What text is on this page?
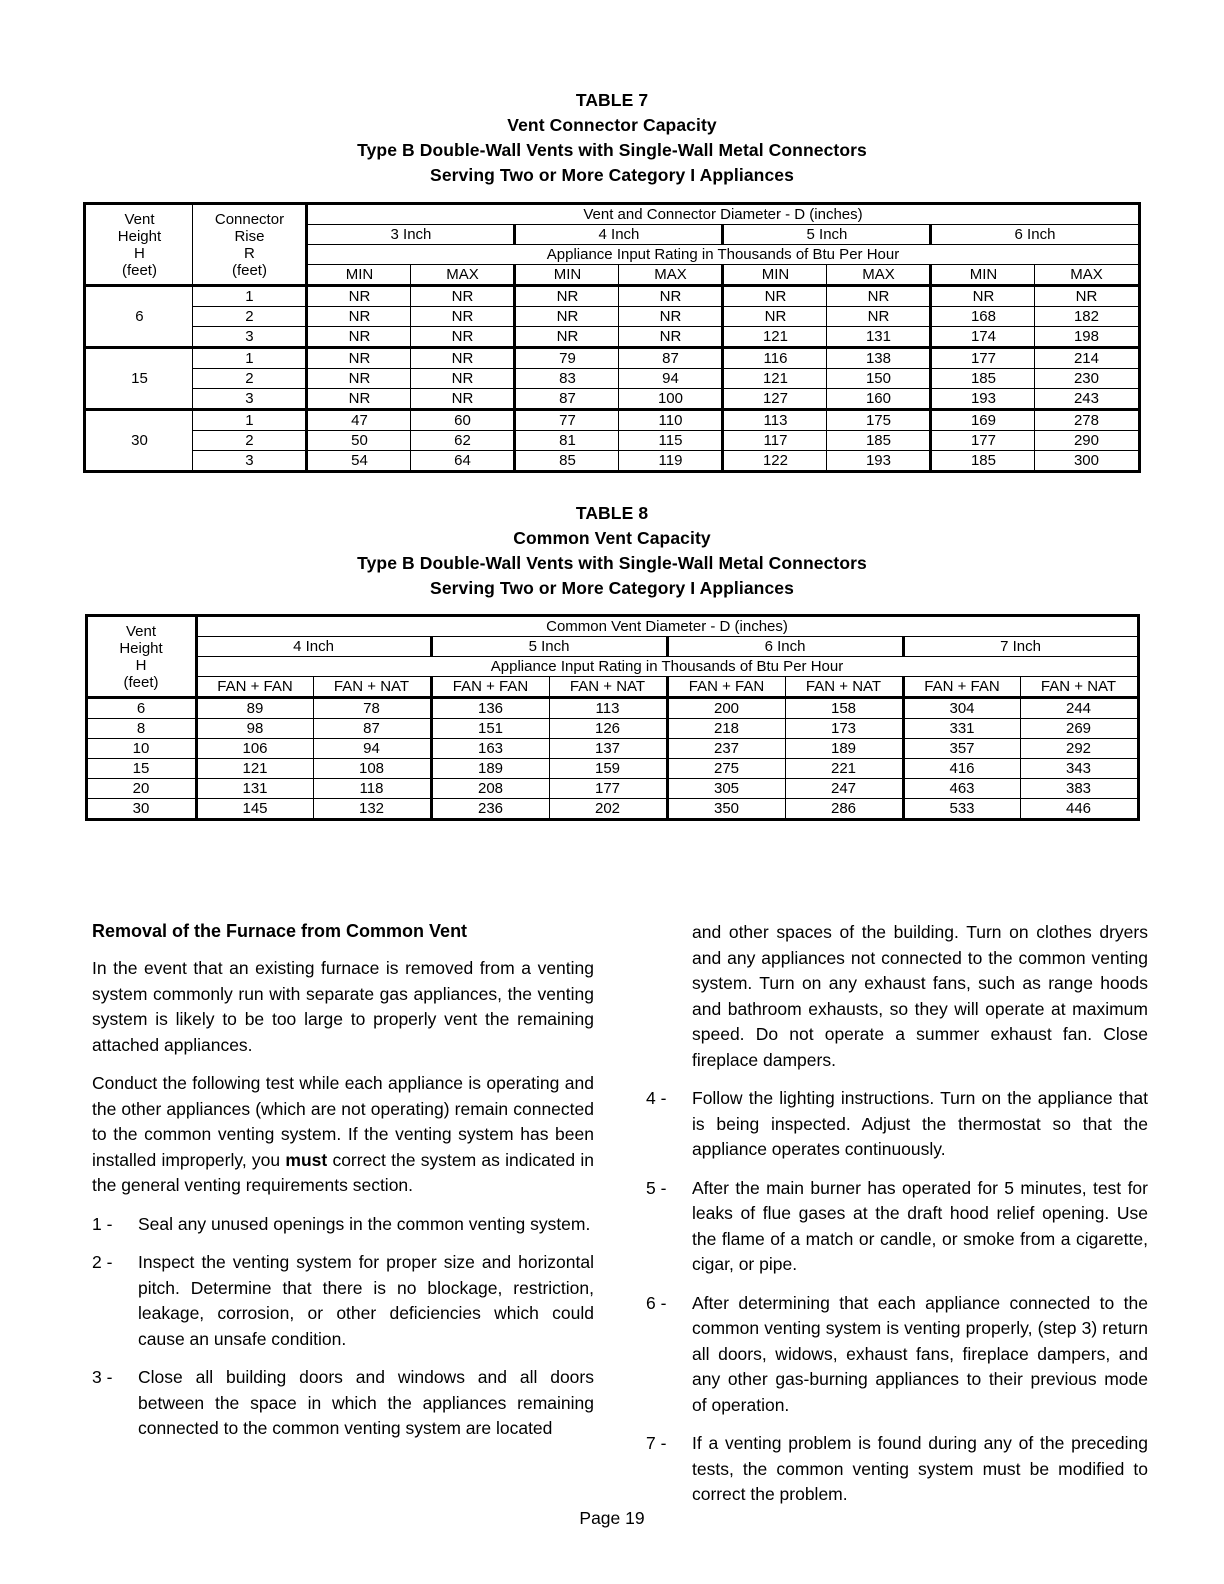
TABLE 7
Vent Connector Capacity
Type B Double-Wall Vents with Single-Wall Metal Connectors
Serving Two or More Category I Appliances
Vent
Height
H
(feet)	Connector
Rise
R
(feet)	Vent and Connector Diameter - D (inches)							
		3 Inch		4 Inch		5 Inch		6 Inch	
		Appliance Input Rating in Thousands of Btu Per Hour							
		MIN	MAX	MIN	MAX	MIN	MAX	MIN	MAX
6	1	NR	NR	NR	NR	NR	NR	NR	NR
	2	NR	NR	NR	NR	NR	NR	168	182
	3	NR	NR	NR	NR	121	131	174	198
15	1	NR	NR	79	87	116	138	177	214
	2	NR	NR	83	94	121	150	185	230
	3	NR	NR	87	100	127	160	193	243
30	1	47	60	77	110	113	175	169	278
	2	50	62	81	115	117	185	177	290
	3	54	64	85	119	122	193	185	300
TABLE 8
Common Vent Capacity
Type B Double-Wall Vents with Single-Wall Metal Connectors
Serving Two or More Category I Appliances
Vent
Height
H
(feet)	Common Vent Diameter - D (inches)							
	4 Inch		5 Inch		6 Inch		7 Inch	
	Appliance Input Rating in Thousands of Btu Per Hour							
	FAN + FAN	FAN + NAT	FAN + FAN	FAN + NAT	FAN + FAN	FAN + NAT	FAN + FAN	FAN + NAT
6	89	78	136	113	200	158	304	244
8	98	87	151	126	218	173	331	269
10	106	94	163	137	237	189	357	292
15	121	108	189	159	275	221	416	343
20	131	118	208	177	305	247	463	383
30	145	132	236	202	350	286	533	446
Removal of the Furnace from Common Vent

In the event that an existing furnace is removed from a venting system commonly run with separate gas appliances, the venting system is likely to be too large to properly vent the remaining attached appliances.

Conduct the following test while each appliance is operating and the other appliances (which are not operating) remain connected to the common venting system. If the venting system has been installed improperly, you must correct the system as indicated in the general venting requirements section.

1 -	Seal any unused openings in the common venting system.
2 -	Inspect the venting system for proper size and horizontal pitch. Determine that there is no blockage, restriction, leakage, corrosion, or other deficiencies which could cause an unsafe condition.
3 -	Close all building doors and windows and all doors between the space in which the appliances remaining connected to the common venting system are located
and other spaces of the building. Turn on clothes dryers and any appliances not connected to the common venting system. Turn on any exhaust fans, such as range hoods and bathroom exhausts, so they will operate at maximum speed. Do not operate a summer exhaust fan. Close fireplace dampers.
4 -	Follow the lighting instructions. Turn on the appliance that is being inspected. Adjust the thermostat so that the appliance operates continuously.
5 -	After the main burner has operated for 5 minutes, test for leaks of flue gases at the draft hood relief opening. Use the flame of a match or candle, or smoke from a cigarette, cigar, or pipe.
6 -	After determining that each appliance connected to the common venting system is venting properly, (step 3) return all doors, widows, exhaust fans, fireplace dampers, and any other gas-burning appliances to their previous mode of operation.
7 -	If a venting problem is found during any of the preceding tests, the common venting system must be modified to correct the problem.
Page 19
